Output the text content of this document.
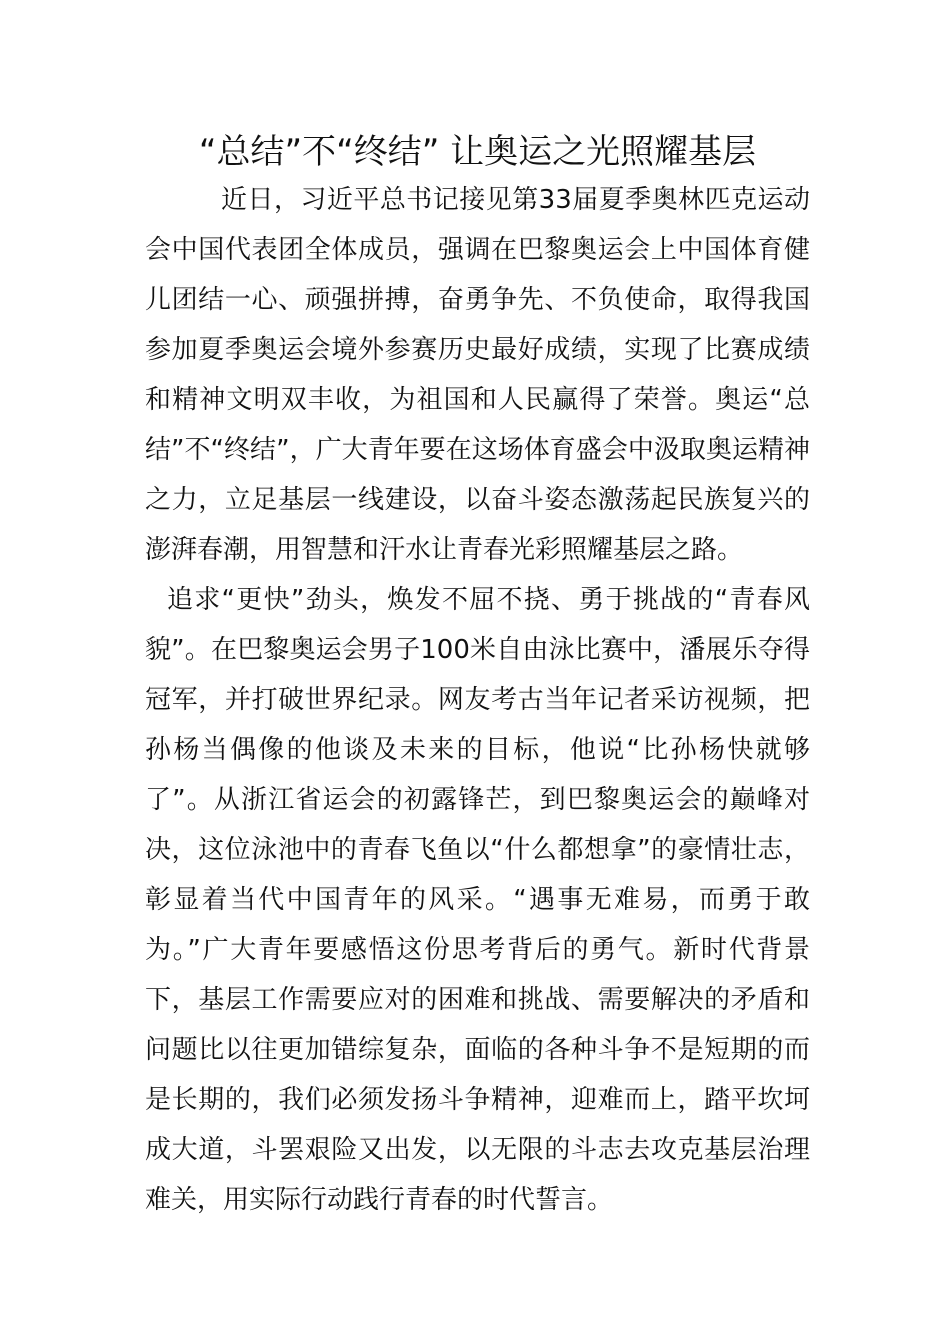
“总结”不“终结” 让奥运之光照耀基层

近日，习近平总书记接见第33届夏季奥林匹克运动会中国代表团全体成员，强调在巴黎奥运会上中国体育健儿团结一心、顽强拼搏，奋勇争先、不负使命，取得我国参加夏季奥运会境外参赛历史最好成绩，实现了比赛成绩和精神文明双丰收，为祖国和人民赢得了荣誉。奥运“总结”不“终结”，广大青年要在这场体育盛会中汲取奥运精神之力，立足基层一线建设，以奋斗姿态激荡起民族复兴的澎湃春潮，用智慧和汗水让青春光彩照耀基层之路。

追求“更快”劲头，焕发不屈不挠、勇于挑战的“青春风貌”。在巴黎奥运会男子100米自由泳比赛中，潘展乐夺得冠军，并打破世界纪录。网友考古当年记者采访视频，把孙杨当偶像的他谈及未来的目标，他说“比孙杨快就够了”。从浙江省运会的初露锋芒，到巴黎奥运会的巅峰对决，这位泳池中的青春飞鱼以“什么都想拿”的豪情壮志，彰显着当代中国青年的风采。“遇事无难易，而勇于敢为。”广大青年要感悟这份思考背后的勇气。新时代背景下，基层工作需要应对的困难和挑战、需要解决的矛盾和问题比以往更加错综复杂，面临的各种斗争不是短期的而是长期的，我们必须发扬斗争精神，迎难而上，踏平坎坷成大道，斗罢艰险又出发，以无限的斗志去攻克基层治理难关，用实际行动践行青春的时代誓言。
